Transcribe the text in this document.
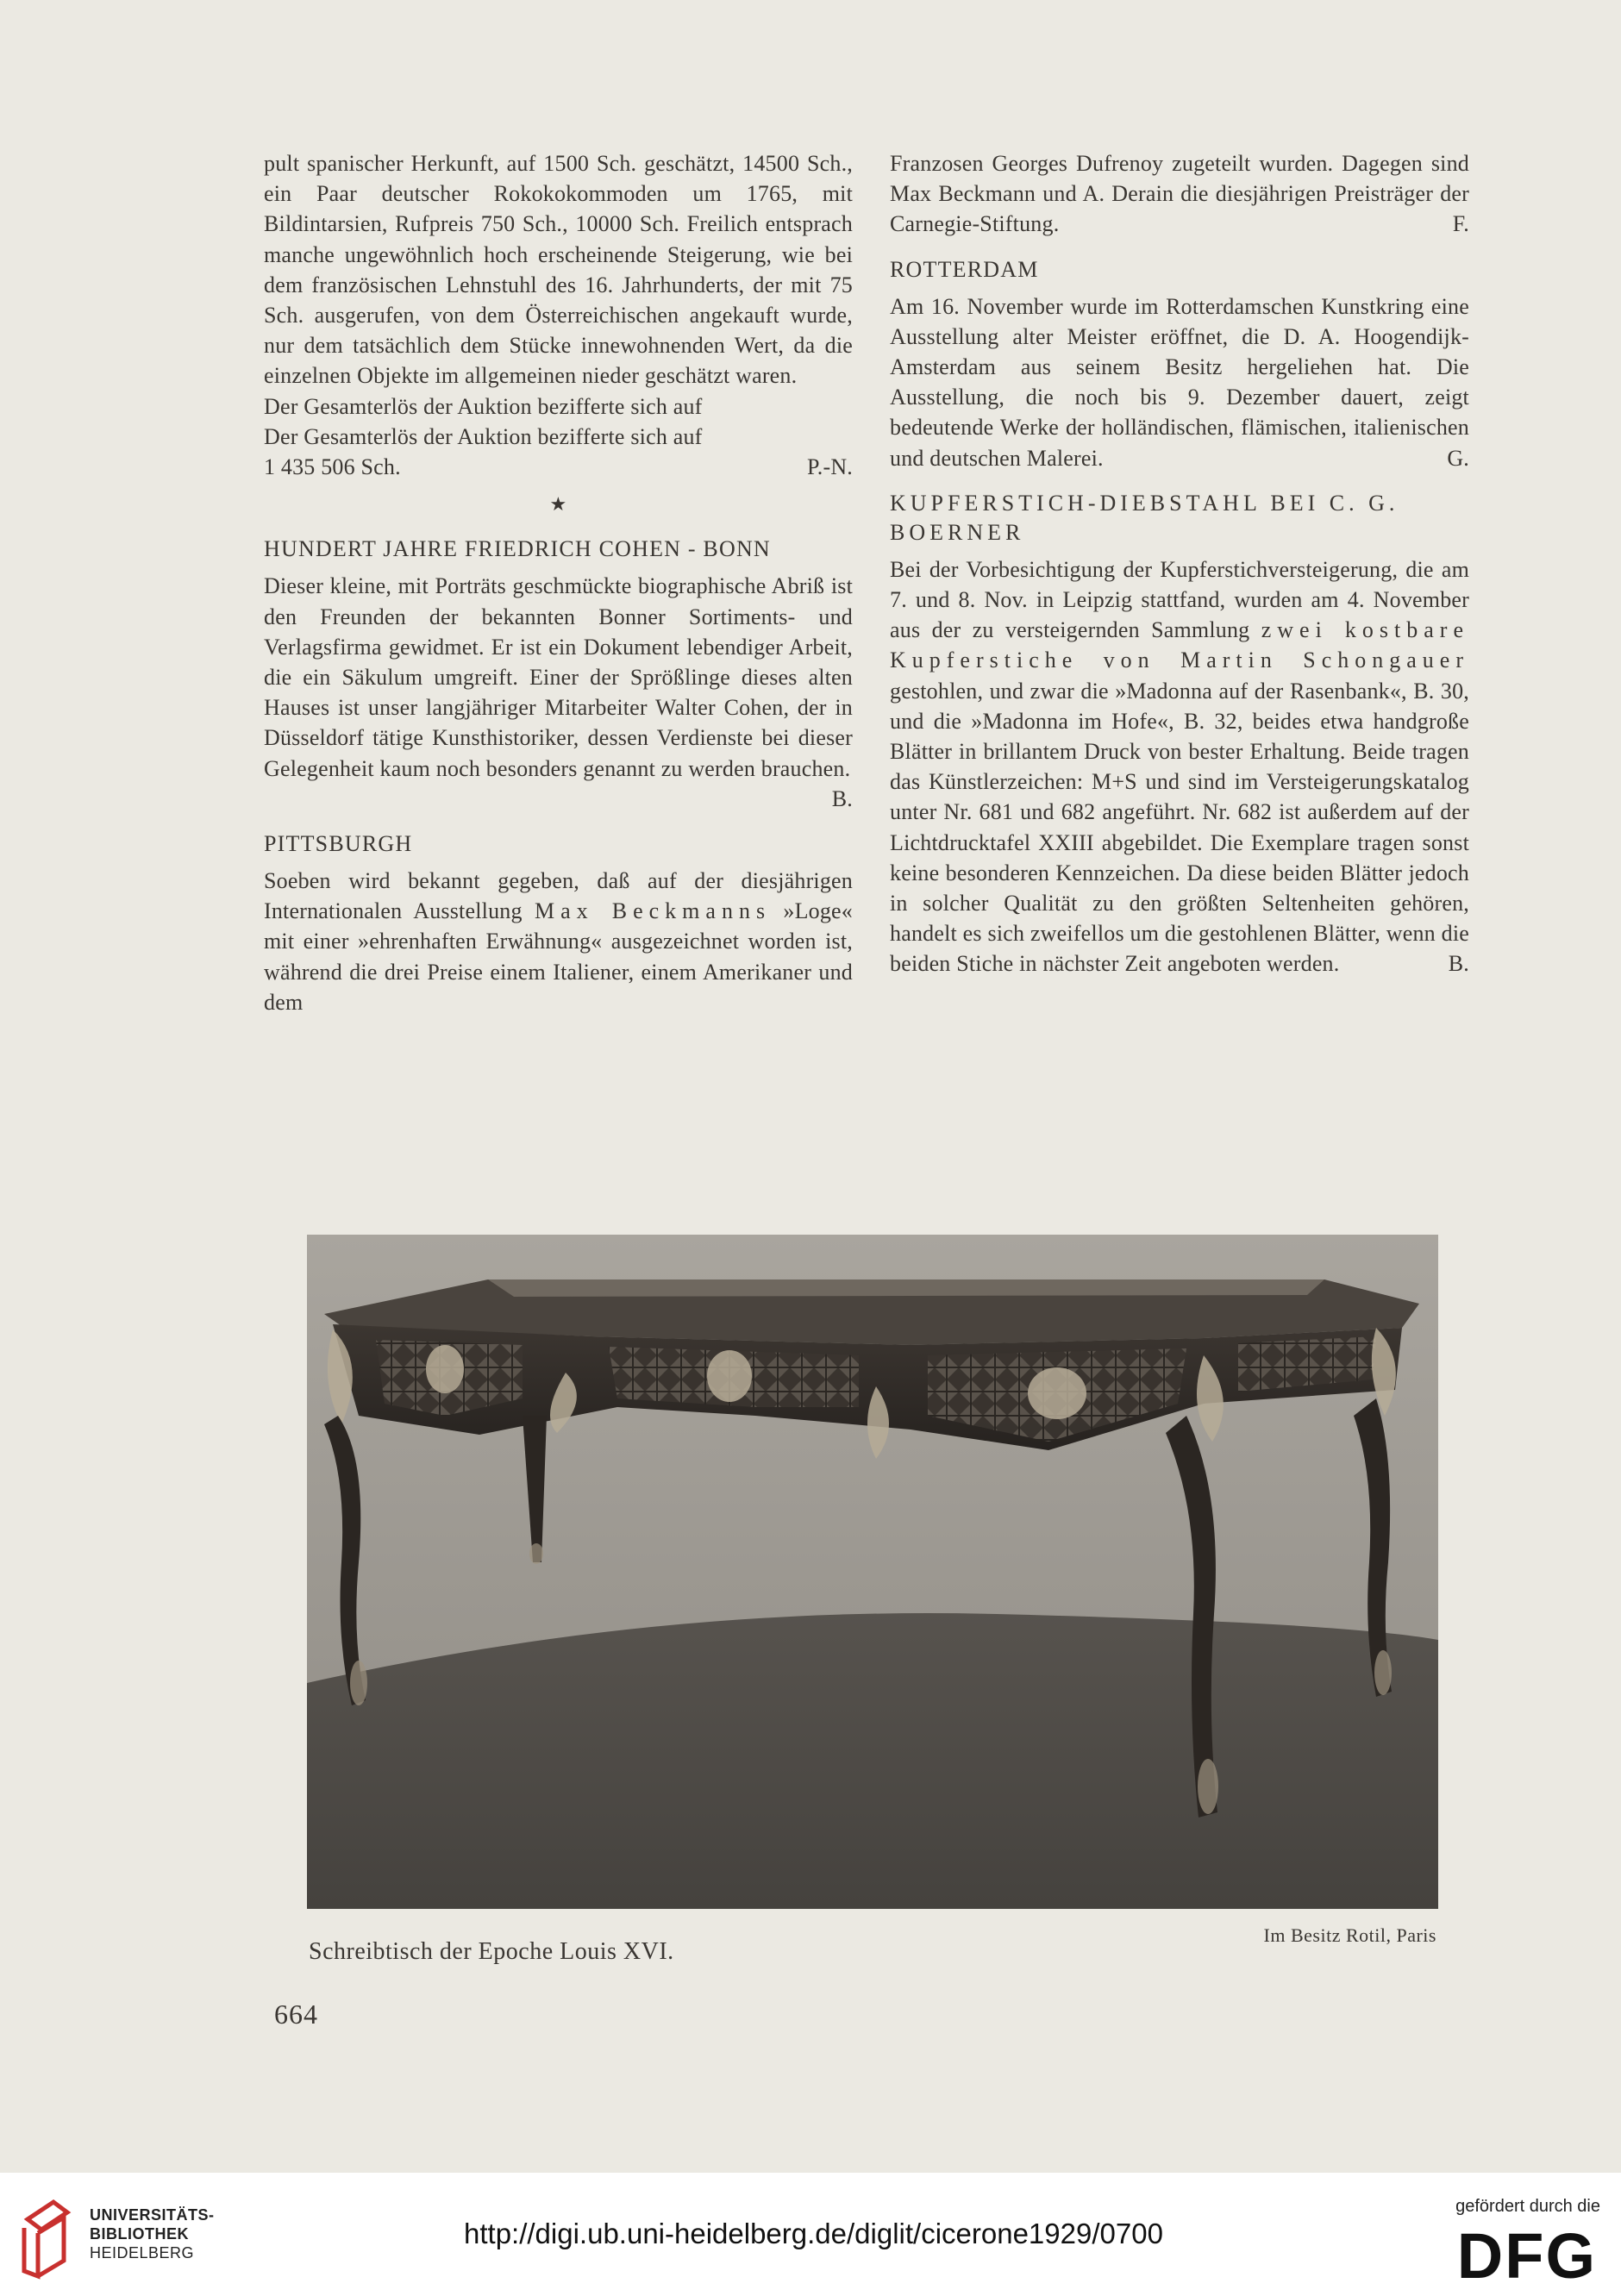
pult spanischer Herkunft, auf 1500 Sch. geschätzt, 14500 Sch., ein Paar deutscher Rokokokommoden um 1765, mit Bildintarsien, Rufpreis 750 Sch., 10000 Sch. Freilich entsprach manche ungewöhnlich hoch erscheinende Steigerung, wie bei dem französischen Lehnstuhl des 16. Jahrhunderts, der mit 75 Sch. ausgerufen, von dem Österreichischen angekauft wurde, nur dem tatsächlich dem Stücke innewohnenden Wert, da die einzelnen Objekte im allgemeinen nieder geschätzt waren.

Der Gesamterlös der Auktion bezifferte sich auf

Der Gesamterlös der Auktion bezifferte sich auf

1 435 506 Sch.	P.-N.
★
HUNDERT JAHRE FRIEDRICH COHEN - BONN

Dieser kleine, mit Porträts geschmückte biographische Abriß ist den Freunden der bekannten Bonner Sortiments- und Verlagsfirma gewidmet. Er ist ein Dokument lebendiger Arbeit, die ein Säkulum umgreift. Einer der Sprößlinge dieses alten Hauses ist unser langjähriger Mitarbeiter Walter Cohen, der in Düsseldorf tätige Kunsthistoriker, dessen Verdienste bei dieser Gelegenheit kaum noch besonders genannt zu werden brauchen.

B.
PITTSBURGH

Soeben wird bekannt gegeben, daß auf der diesjährigen Internationalen Ausstellung Max Beckmanns »Loge« mit einer »ehrenhaften Erwähnung« ausgezeichnet worden ist, während die drei Preise einem Italiener, einem Amerikaner und dem

Franzosen Georges Dufrenoy zugeteilt wurden. Dagegen sind Max Beckmann und A. Derain die diesjährigen Preisträger der Carnegie-Stiftung.	F.

ROTTERDAM

Am 16. November wurde im Rotterdamschen Kunstkring eine Ausstellung alter Meister eröffnet, die D. A. Hoogendijk-Amsterdam aus seinem Besitz hergeliehen hat. Die Ausstellung, die noch bis 9. Dezember dauert, zeigt bedeutende Werke der holländischen, flämischen, italienischen und deutschen Malerei.	G.

KUPFERSTICH-DIEBSTAHL BEI C. G. BOERNER

Bei der Vorbesichtigung der Kupferstichversteigerung, die am 7. und 8. Nov. in Leipzig stattfand, wurden am 4. November aus der zu versteigernden Sammlung zwei kostbare Kupferstiche von Martin Schongauer gestohlen, und zwar die »Madonna auf der Rasenbank«, B. 30, und die »Madonna im Hofe«, B. 32, beides etwa handgroße Blätter in brillantem Druck von bester Erhaltung. Beide tragen das Künstlerzeichen: M+S und sind im Versteigerungskatalog unter Nr. 681 und 682 angeführt. Nr. 682 ist außerdem auf der Lichtdrucktafel XXIII abgebildet. Die Exemplare tragen sonst keine besonderen Kennzeichen. Da diese beiden Blätter jedoch in solcher Qualität zu den größten Seltenheiten gehören, handelt es sich zweifellos um die gestohlenen Blätter, wenn die beiden Stiche in nächster Zeit angeboten werden.	B.

Schreibtisch der Epoche Louis XVI.
Im Besitz Rotil, Paris
664
UNIVERSITÄTS-
BIBLIOTHEK
HEIDELBERG
http://digi.ub.uni-heidelberg.de/diglit/cicerone1929/0700
gefördert durch die
DFG
